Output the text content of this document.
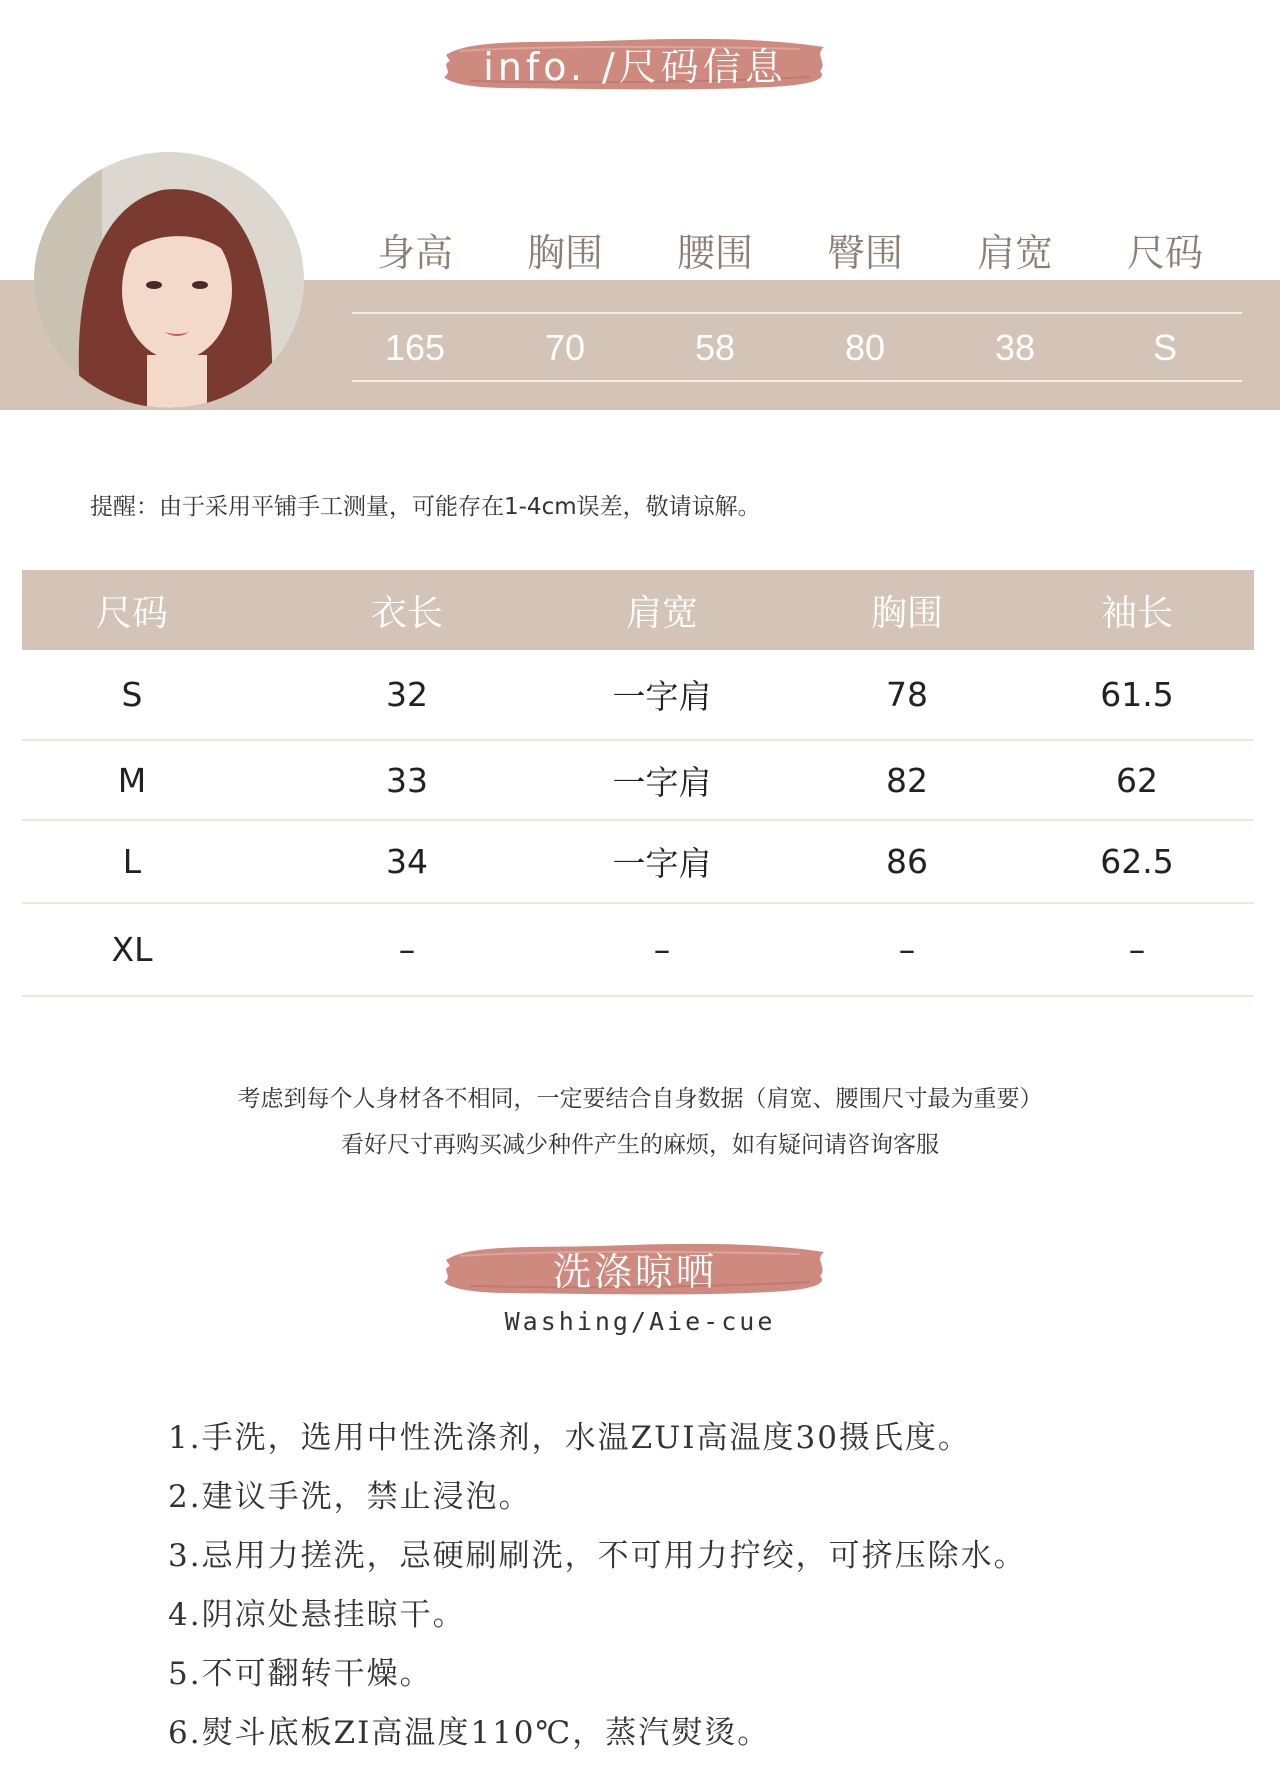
info. /尺码信息
身高	胸围	腰围	臀围	肩宽	尺码
165	70	58	80	38	S
提醒：由于采用平铺手工测量，可能存在1-4cm误差，敬请谅解。
尺码	衣长	肩宽	胸围	袖长
S	32	一字肩	78	61.5
M	33	一字肩	82	62
L	34	一字肩	86	62.5
XL	–	–	–	–
考虑到每个人身材各不相同，一定要结合自身数据（肩宽、腰围尺寸最为重要）
看好尺寸再购买减少种件产生的麻烦，如有疑问请咨询客服
洗涤晾晒
Washing/Aie-cue
1.手洗，选用中性洗涤剂，水温ZUI高温度30摄氏度。
2.建议手洗，禁止浸泡。
3.忌用力搓洗，忌硬刷刷洗，不可用力拧绞，可挤压除水。
4.阴凉处悬挂晾干。
5.不可翻转干燥。
6.熨斗底板ZI高温度110℃，蒸汽熨烫。
